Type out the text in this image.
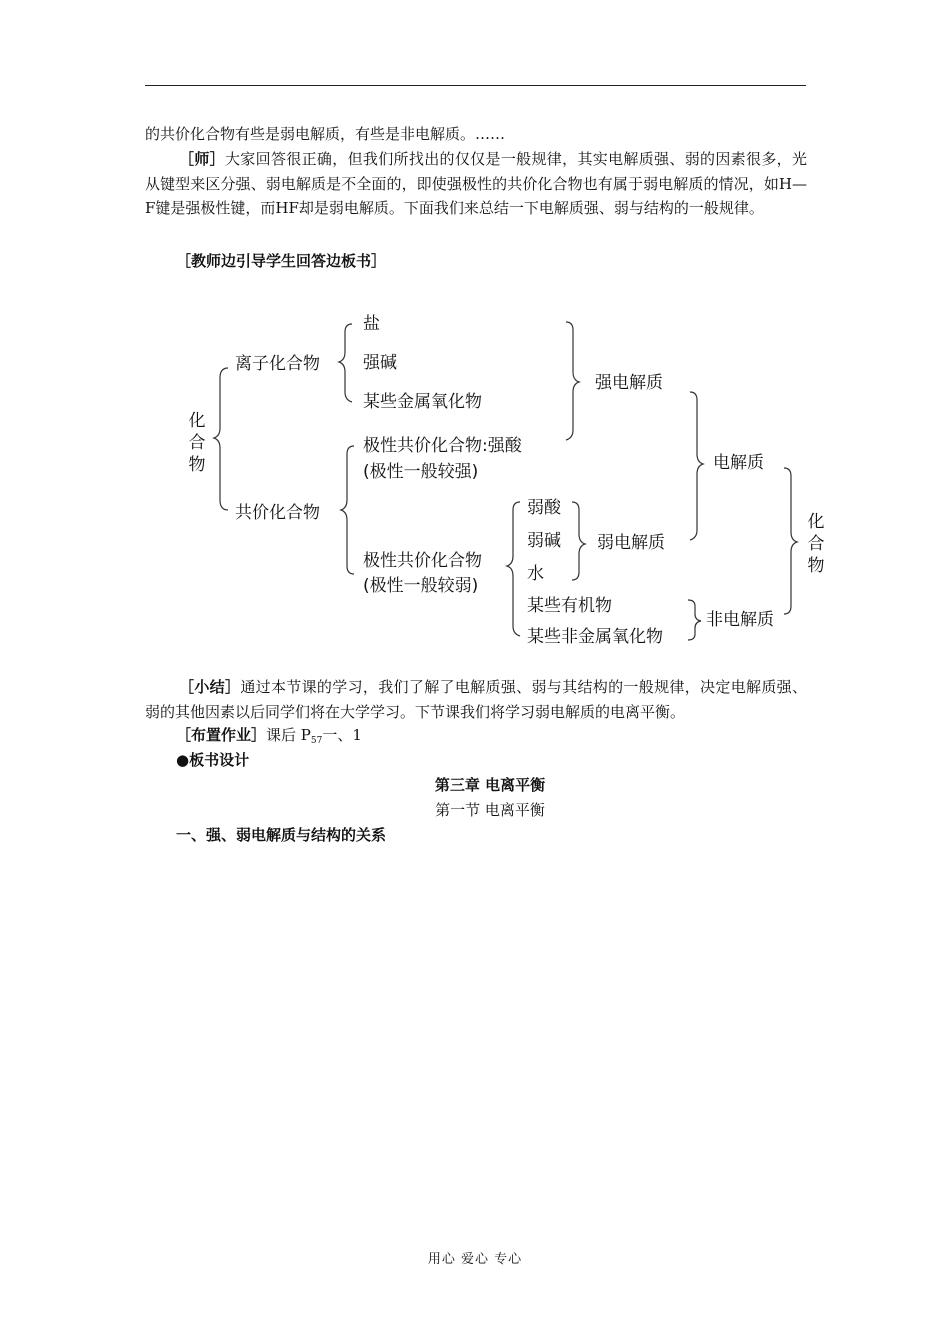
的共价化合物有些是弱电解质，有些是非电解质。……

［师］大家回答很正确，但我们所找出的仅仅是一般规律，其实电解质强、弱的因素很多，光从键型来区分强、弱电解质是不全面的，即使强极性的共价化合物也有属于弱电解质的情况，如H—F键是强极性键，而HF却是弱电解质。下面我们来总结一下电解质强、弱与结构的一般规律。

［教师边引导学生回答边板书］
化合物
离子化合物
共价化合物
盐
强碱
某些金属氧化物
极性共价化合物:强酸
(极性一般较强)
极性共价化合物
(极性一般较弱)
弱酸
弱碱
水
某些有机物
某些非金属氧化物
强电解质
弱电解质
电解质
非电解质
化合物

［小结］通过本节课的学习，我们了解了电解质强、弱与其结构的一般规律，决定电解质强、弱的其他因素以后同学们将在大学学习。下节课我们将学习弱电解质的电离平衡。

［布置作业］课后 $P_{57}$一、1
●板书设计
第三章 电离平衡
第一节 电离平衡
一、强、弱电解质与结构的关系
用心 爱心 专心
